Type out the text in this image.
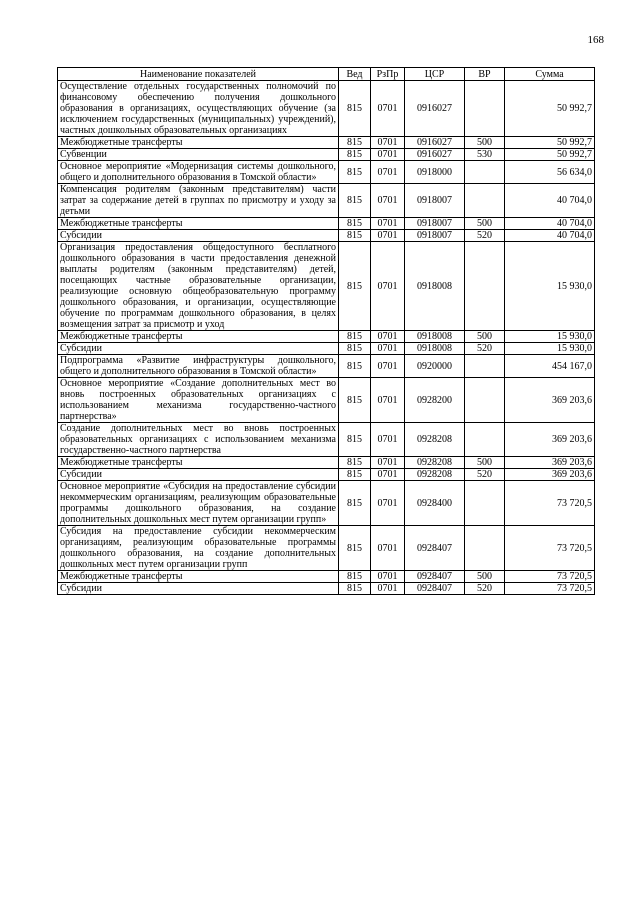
168
Наименование показателей	Вед	РзПр	ЦСР	ВР	Сумма
Осуществление отдельных государственных полномочий по финансовому обеспечению получения дошкольного образования в организациях, осуществляющих обучение (за исключением государственных (муниципальных) учреждений), частных дошкольных образовательных организациях	815	0701	0916027		50 992,7
Межбюджетные трансферты	815	0701	0916027	500	50 992,7
Субвенции	815	0701	0916027	530	50 992,7
Основное мероприятие «Модернизация системы дошкольного, общего и дополнительного образования в Томской области»	815	0701	0918000		56 634,0
Компенсация родителям (законным представителям) части затрат за содержание детей в группах по присмотру и уходу за детьми	815	0701	0918007		40 704,0
Межбюджетные трансферты	815	0701	0918007	500	40 704,0
Субсидии	815	0701	0918007	520	40 704,0
Организация предоставления общедоступного бесплатного дошкольного образования в части предоставления денежной выплаты родителям (законным представителям) детей, посещающих частные образовательные организации, реализующие основную общеобразовательную программу дошкольного образования, и организации, осуществляющие обучение по программам дошкольного образования, в целях возмещения затрат за присмотр и уход	815	0701	0918008		15 930,0
Межбюджетные трансферты	815	0701	0918008	500	15 930,0
Субсидии	815	0701	0918008	520	15 930,0
Подпрограмма «Развитие инфраструктуры дошкольного, общего и дополнительного образования в Томской области»	815	0701	0920000		454 167,0
Основное мероприятие «Создание дополнительных мест во вновь построенных образовательных организациях с использованием механизма государственно-частного партнерства»	815	0701	0928200		369 203,6
Создание дополнительных мест во вновь построенных образовательных организациях с использованием механизма государственно-частного партнерства	815	0701	0928208		369 203,6
Межбюджетные трансферты	815	0701	0928208	500	369 203,6
Субсидии	815	0701	0928208	520	369 203,6
Основное мероприятие «Субсидия на предоставление субсидии некоммерческим организациям, реализующим образовательные программы дошкольного образования, на создание дополнительных дошкольных мест путем организации групп»	815	0701	0928400		73 720,5
Субсидия на предоставление субсидии некоммерческим организациям, реализующим образовательные программы дошкольного образования, на создание дополнительных дошкольных мест путем организации групп	815	0701	0928407		73 720,5
Межбюджетные трансферты	815	0701	0928407	500	73 720,5
Субсидии	815	0701	0928407	520	73 720,5
